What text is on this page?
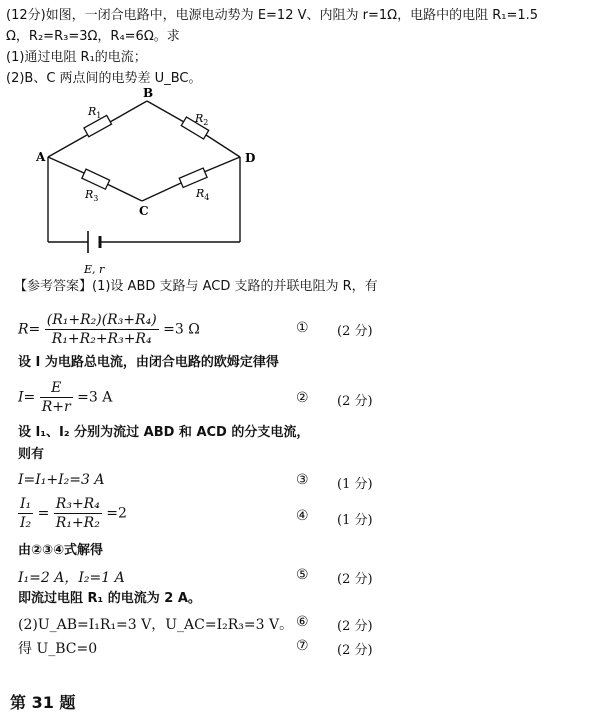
(12分)如图，一闭合电路中，电源电动势为 E=12 V、内阻为 r=1Ω，电路中的电阻 R₁=1.5
Ω，R₂=R₃=3Ω，R₄=6Ω。求
(1)通过电阻 R₁的电流；
(2)B、C 两点间的电势差 U_BC。
A
B
C
D
$R_1$	$R_2$
$R_3$	$R_4$
E, r
【参考答案】(1)设 ABD 支路与 ACD 支路的并联电阻为 R，有
$R= \frac{\text{(R₁+R₂)(R₃+R₄)}}{\text{R₁+R₂+R₃+R₄}} =3$ Ω	① (2 分)
设 I 为电路总电流，由闭合电路的欧姆定律得
$I= \frac{E}{R+r} =3$ A	② (2 分)
设 I₁、I₂ 分别为流过 ABD 和 ACD 的分支电流，
则有
I=I₁+I₂=3 A	③ (1 分)
$\frac{\text{I₁}}{\text{I₂}} = \frac{\text{R₃+R₄}}{\text{R₁+R₂}} =2$	④ (1 分)
由②③④式解得
I₁=2 A，I₂=1 A	⑤ (2 分)
即流过电阻 R₁ 的电流为 2 A。
(2)U_AB=I₁R₁=3 V，U_AC=I₂R₃=3 V。 ⑥ (2 分)
得 U_BC=0	⑦ (2 分)
第 31 题
